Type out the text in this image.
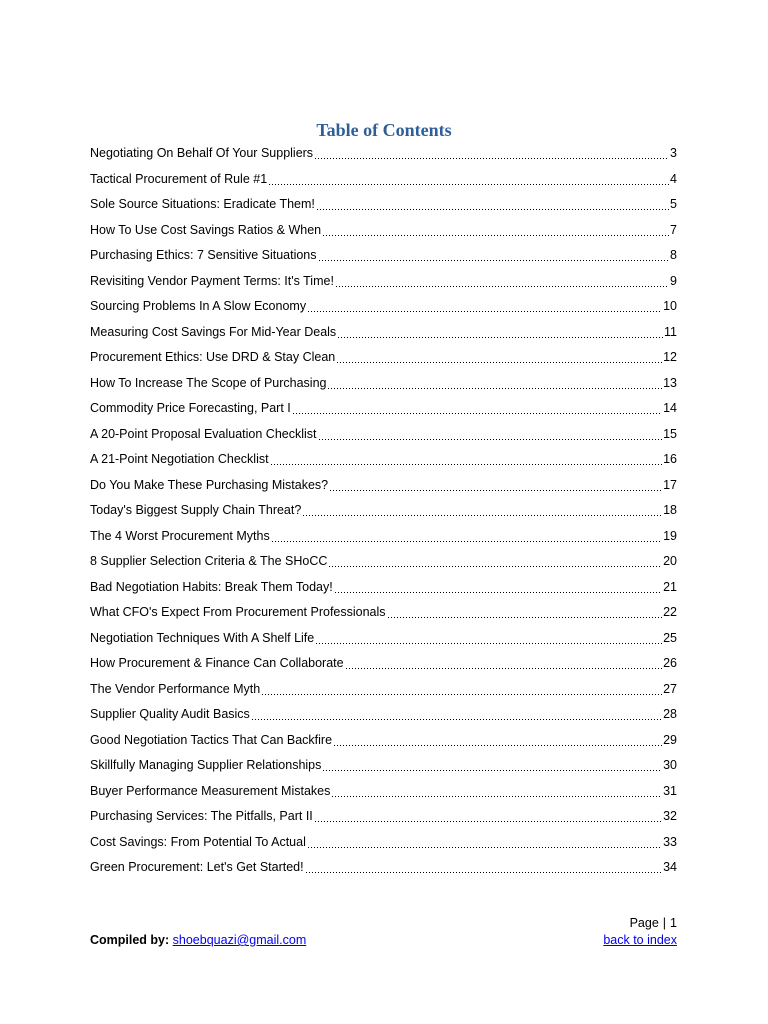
Table of Contents
Negotiating On Behalf Of Your Suppliers	3
Tactical Procurement of Rule #1	4
Sole Source Situations: Eradicate Them!	5
How To Use Cost Savings Ratios & When	7
Purchasing Ethics: 7 Sensitive Situations	8
Revisiting Vendor Payment Terms: It's Time!	9
Sourcing Problems In A Slow Economy	10
Measuring Cost Savings For Mid-Year Deals	11
Procurement Ethics: Use DRD & Stay Clean	12
How To Increase The Scope of Purchasing	13
Commodity Price Forecasting, Part I	14
A 20-Point Proposal Evaluation Checklist	15
A 21-Point Negotiation Checklist	16
Do You Make These Purchasing Mistakes?	17
Today's Biggest Supply Chain Threat?	18
The 4 Worst Procurement Myths	19
8 Supplier Selection Criteria & The SHoCC	20
Bad Negotiation Habits: Break Them Today!	21
What CFO's Expect From Procurement Professionals	22
Negotiation Techniques With A Shelf Life	25
How Procurement & Finance Can Collaborate	26
The Vendor Performance Myth	27
Supplier Quality Audit Basics	28
Good Negotiation Tactics That Can Backfire	29
Skillfully Managing Supplier Relationships	30
Buyer Performance Measurement Mistakes	31
Purchasing Services: The Pitfalls, Part II	32
Cost Savings: From Potential To Actual	33
Green Procurement: Let's Get Started!	34
Page | 1
Compiled by: shoebquazi@gmail.com	back to index
